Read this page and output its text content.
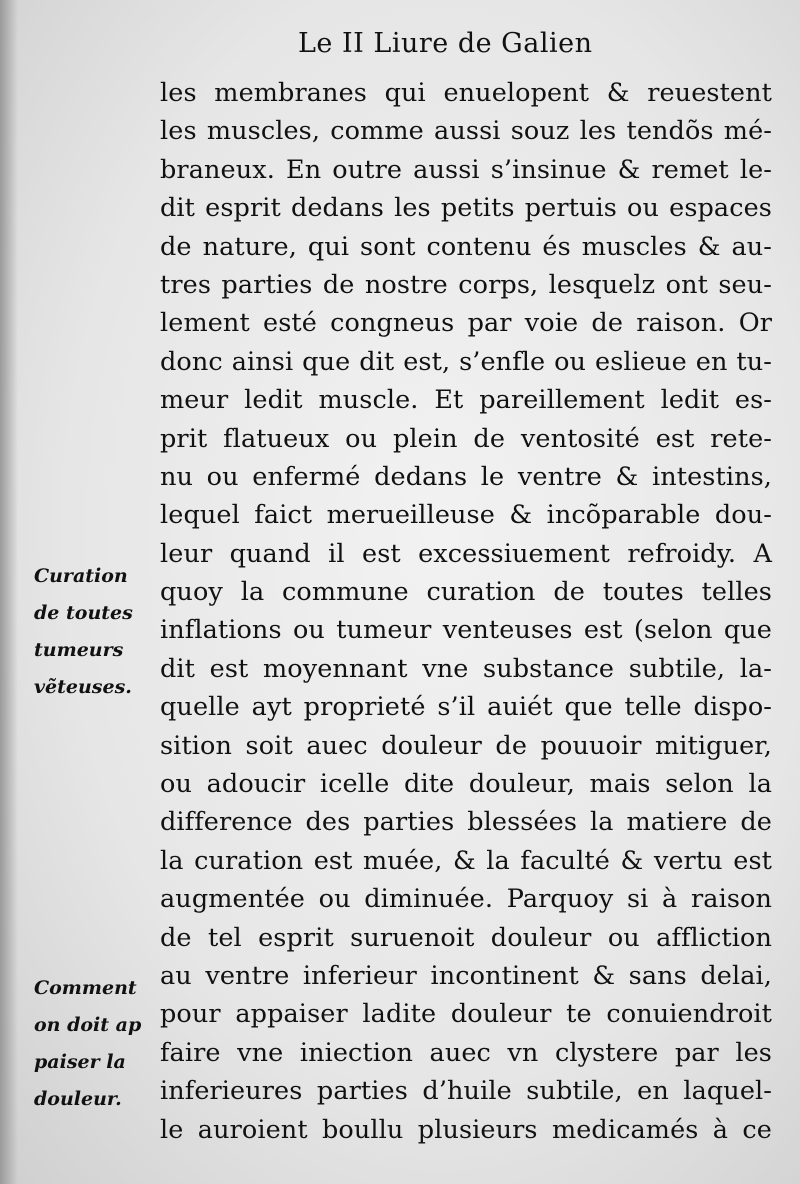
Le II Liure de Galien
les membranes qui enuelopent & reuestent
les muscles, comme aussi souz les tendõs mé-
braneux. En outre aussi s’insinue & remet le-
dit esprit dedans les petits pertuis ou espaces
de nature, qui sont contenu és muscles & au-
tres parties de nostre corps, lesquelz ont seu-
lement esté congneus par voie de raison. Or
donc ainsi que dit est, s’enfle ou eslieue en tu-
meur ledit muscle. Et pareillement ledit es-
prit flatueux ou plein de ventosité est rete-
nu ou enfermé dedans le ventre & intestins,
lequel faict merueilleuse & incõparable dou-
leur quand il est excessiuement refroidy. A
quoy la commune curation de toutes telles
inflations ou tumeur venteuses est (selon que
dit est moyennant vne substance subtile, la-
quelle ayt proprieté s’il auiét que telle dispo-
sition soit auec douleur de pouuoir mitiguer,
ou adoucir icelle dite douleur, mais selon la
difference des parties blessées la matiere de
la curation est muée, & la faculté & vertu est
augmentée ou diminuée. Parquoy si à raison
de tel esprit suruenoit douleur ou affliction
au ventre inferieur incontinent & sans delai,
pour appaiser ladite douleur te conuiendroit
faire vne iniection auec vn clystere par les
inferieures parties d’huile subtile, en laquel-
le auroient boullu plusieurs medicamés à ce
Curation
de toutes
tumeurs
vẽteuses.
Comment
on doit ap
paiser la
douleur.
